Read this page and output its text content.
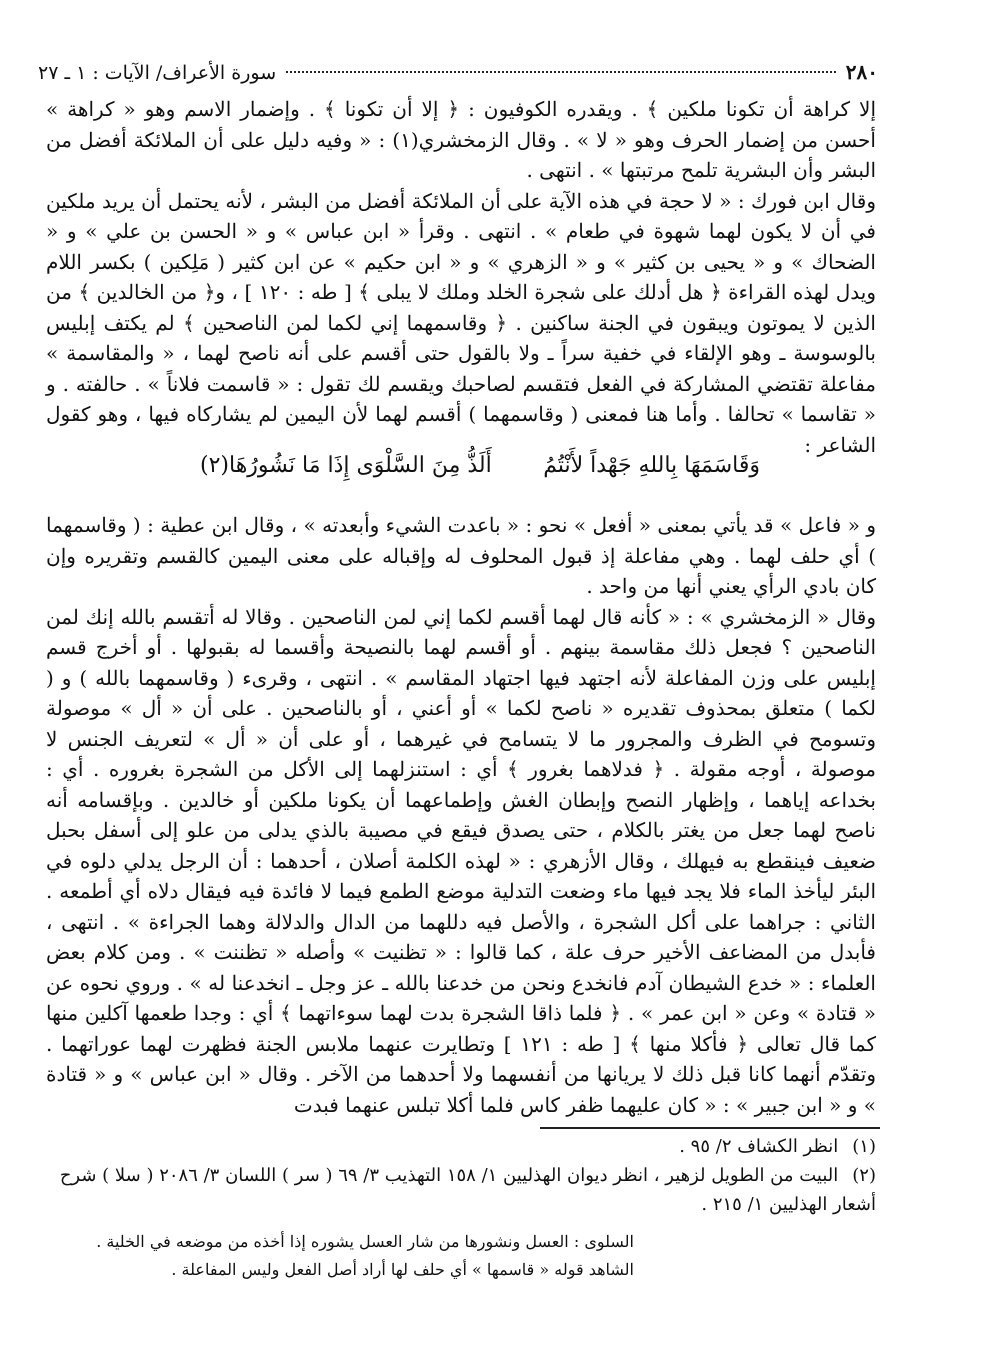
٢٨٠
سورة الأعراف/ الآيات : ١ ـ ٢٧

إلا كراهة أن تكونا ملكين ﴾ . ويقدره الكوفيون : ﴿ إلا أن تكونا ﴾ . وإضمار الاسم وهو « كراهة » أحسن من إضمار الحرف وهو « لا » . وقال الزمخشري(١) : « وفيه دليل على أن الملائكة أفضل من البشر وأن البشرية تلمح مرتبتها » . انتهى .

وقال ابن فورك : « لا حجة في هذه الآية على أن الملائكة أفضل من البشر ، لأنه يحتمل أن يريد ملكين في أن لا يكون لهما شهوة في طعام » . انتهى . وقرأ « ابن عباس » و « الحسن بن علي » و « الضحاك » و « يحيى بن كثير » و « الزهري » و « ابن حكيم » عن ابن كثير ( مَلِكين ) بكسر اللام ويدل لهذه القراءة ﴿ هل أدلك على شجرة الخلد وملك لا يبلى ﴾ [ طه : ١٢٠ ] ، و﴿ من الخالدين ﴾ من الذين لا يموتون ويبقون في الجنة ساكنين . ﴿ وقاسمهما إني لكما لمن الناصحين ﴾ لم يكتف إبليس بالوسوسة ـ وهو الإلقاء في خفية سراً ـ ولا بالقول حتى أقسم على أنه ناصح لهما ، « والمقاسمة » مفاعلة تقتضي المشاركة في الفعل فتقسم لصاحبك ويقسم لك تقول : « قاسمت فلاناً » . حالفته . و « تقاسما » تحالفا . وأما هنا فمعنى ( وقاسمهما ) أقسم لهما لأن اليمين لم يشاركاه فيها ، وهو كقول الشاعر :

وَقَاسَمَهَا بِاللهِ جَهْداً لأَنْتُمُ
أَلَذُّ مِنَ السَّلْوَى إِذَا مَا نَشُورُهَا(٢)

و « فاعل » قد يأتي بمعنى « أفعل » نحو : « باعدت الشيء وأبعدته » ، وقال ابن عطية : ( وقاسمهما ) أي حلف لهما . وهي مفاعلة إذ قبول المحلوف له وإقباله على معنى اليمين كالقسم وتقريره وإن كان بادي الرأي يعني أنها من واحد .

وقال « الزمخشري » : « كأنه قال لهما أقسم لكما إني لمن الناصحين . وقالا له أتقسم بالله إنك لمن الناصحين ؟ فجعل ذلك مقاسمة بينهم . أو أقسم لهما بالنصيحة وأقسما له بقبولها . أو أخرج قسم إبليس على وزن المفاعلة لأنه اجتهد فيها اجتهاد المقاسم » . انتهى ، وقرىء ( وقاسمهما بالله ) و ( لكما ) متعلق بمحذوف تقديره « ناصح لكما » أو أعني ، أو بالناصحين . على أن « أل » موصولة وتسومح في الظرف والمجرور ما لا يتسامح في غيرهما ، أو على أن « أل » لتعريف الجنس لا موصولة ، أوجه مقولة . ﴿ فدلاهما بغرور ﴾ أي : استنزلهما إلى الأكل من الشجرة بغروره . أي : بخداعه إياهما ، وإظهار النصح وإبطان الغش وإطماعهما أن يكونا ملكين أو خالدين . وبإقسامه أنه ناصح لهما جعل من يغتر بالكلام ، حتى يصدق فيقع في مصيبة بالذي يدلى من علو إلى أسفل بحبل ضعيف فينقطع به فيهلك ، وقال الأزهري : « لهذه الكلمة أصلان ، أحدهما : أن الرجل يدلي دلوه في البئر ليأخذ الماء فلا يجد فيها ماء وضعت التدلية موضع الطمع فيما لا فائدة فيه فيقال دلاه أي أطمعه . الثاني : جراهما على أكل الشجرة ، والأصل فيه دللهما من الدال والدلالة وهما الجراءة » . انتهى ، فأبدل من المضاعف الأخير حرف علة ، كما قالوا : « تظنيت » وأصله « تظننت » . ومن كلام بعض العلماء : « خدع الشيطان آدم فانخدع ونحن من خدعنا بالله ـ عز وجل ـ انخدعنا له » . وروي نحوه عن « قتادة » وعن « ابن عمر » . ﴿ فلما ذاقا الشجرة بدت لهما سوءاتهما ﴾ أي : وجدا طعمها آكلين منها كما قال تعالى ﴿ فأكلا منها ﴾ [ طه : ١٢١ ] وتطايرت عنهما ملابس الجنة فظهرت لهما عوراتهما . وتقدّم أنهما كانا قبل ذلك لا يريانها من أنفسهما ولا أحدهما من الآخر . وقال « ابن عباس » و « قتادة » و « ابن جبير » : « كان عليهما ظفر كاس فلما أكلا تبلس عنهما فبدت

(١) انظر الكشاف ٢/ ٩٥ .

(٢) البيت من الطويل لزهير ، انظر ديوان الهذليين ١/ ١٥٨ التهذيب ٣/ ٦٩ ( سر ) اللسان ٣/ ٢٠٨٦ ( سلا ) شرح أشعار الهذليين ١/ ٢١٥ .

السلوى : العسل ونشورها من شار العسل يشوره إذا أخذه من موضعه في الخلية .

الشاهد قوله « قاسمها » أي حلف لها أراد أصل الفعل وليس المفاعلة .
